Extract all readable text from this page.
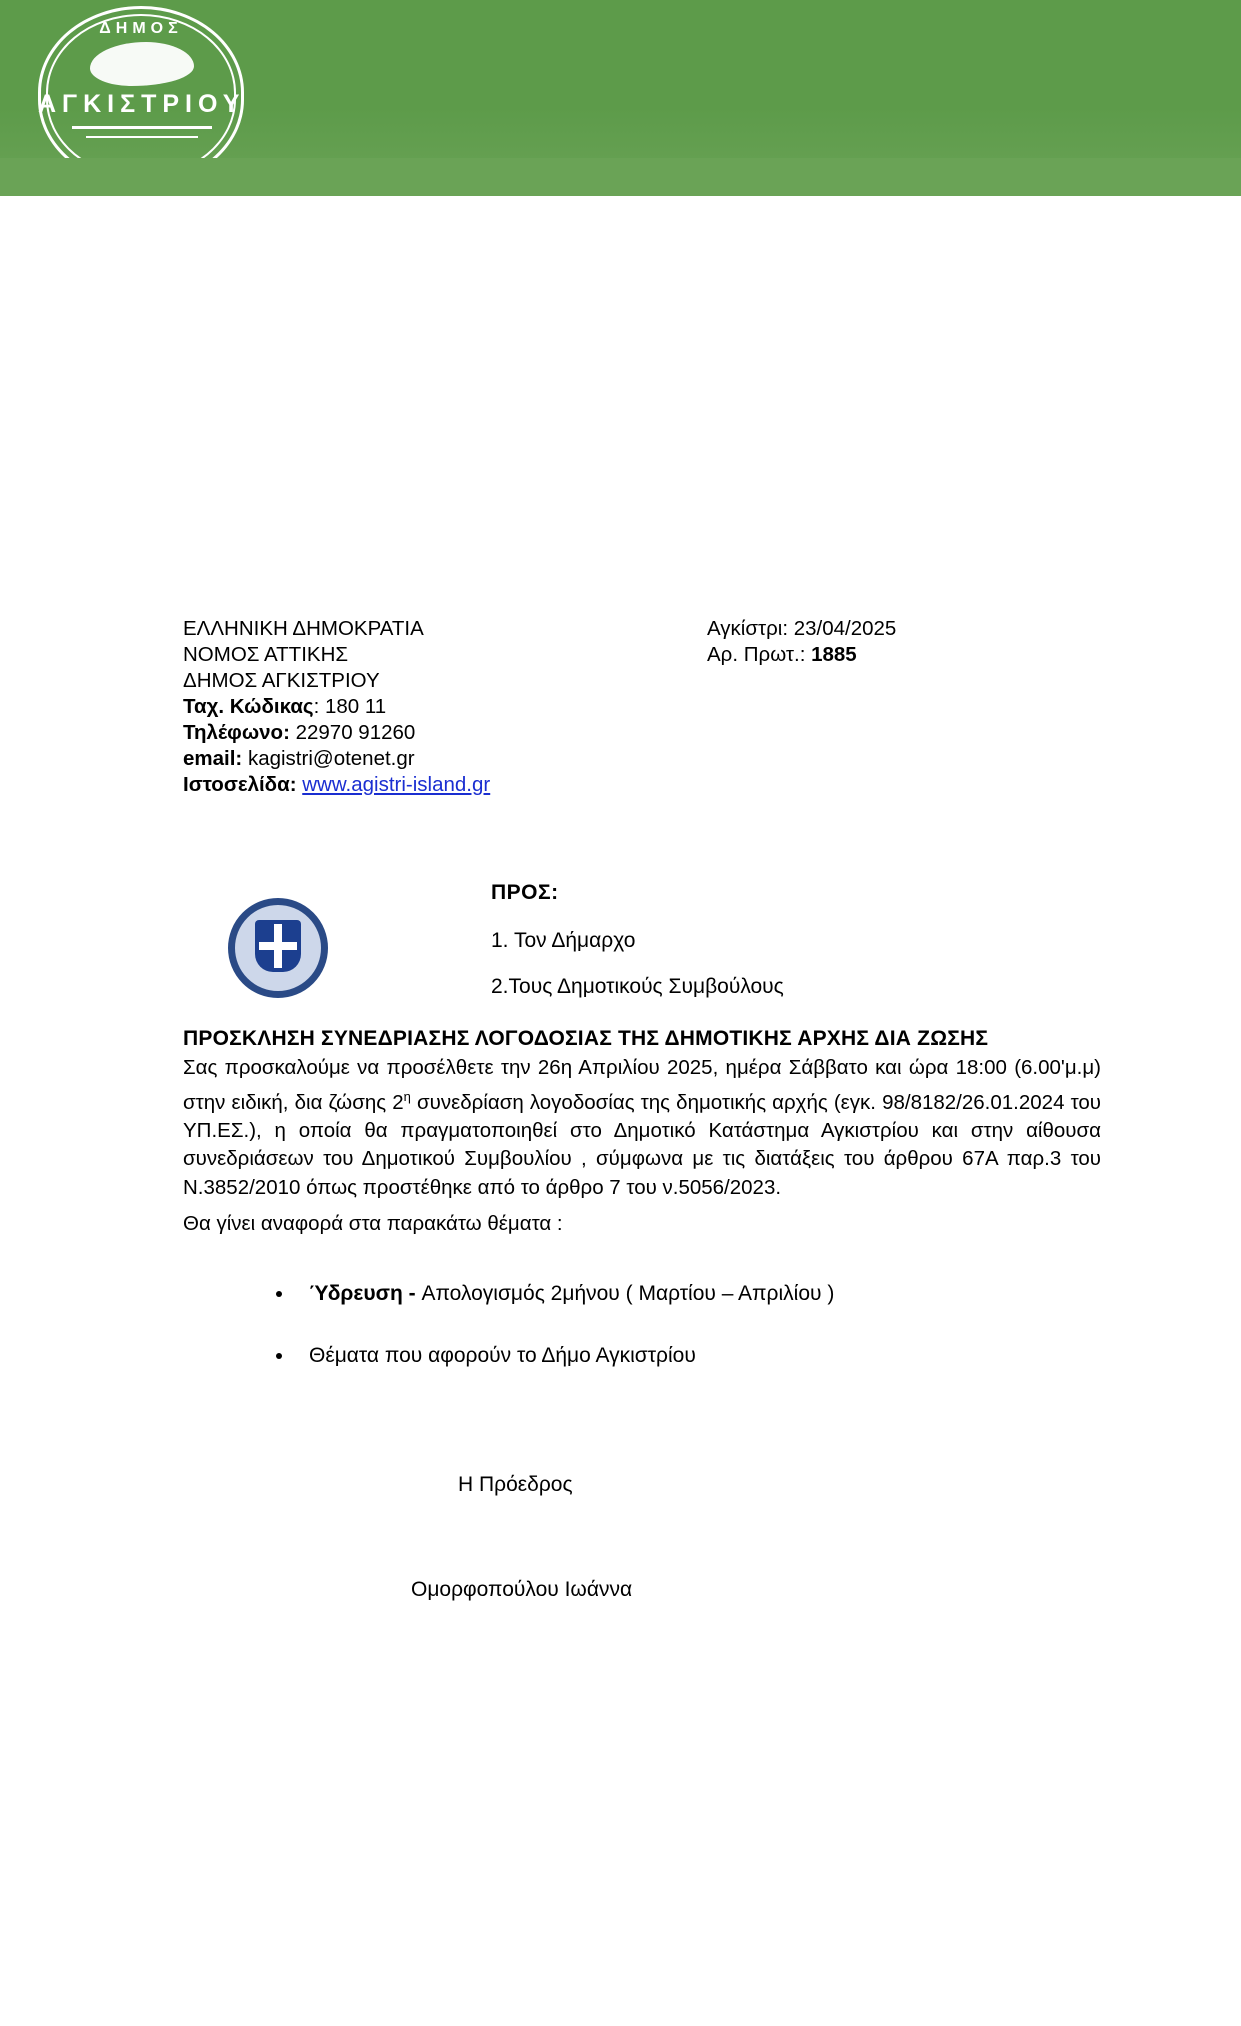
ΔΗΜΟΣ
ΑΓΚΙΣΤΡΙΟΥ
ΕΛΛΗΝΙΚΗ ΔΗΜΟΚΡΑΤΙΑ
ΝΟΜΟΣ ΑΤΤΙΚΗΣ
ΔΗΜΟΣ ΑΓΚΙΣΤΡΙΟΥ
Ταχ. Κώδικας: 180 11
Τηλέφωνο: 22970 91260
email: kagistri@otenet.gr
Ιστοσελίδα: www.agistri-island.gr
Αγκίστρι: 23/04/2025
Αρ. Πρωτ.: 1885
ΠΡΟΣ:
1. Τον Δήμαρχο
2.Τους Δημοτικούς Συμβούλους
ΠΡΟΣΚΛΗΣΗ ΣΥΝΕΔΡΙΑΣΗΣ ΛΟΓΟΔΟΣΙΑΣ ΤΗΣ ΔΗΜΟΤΙΚΗΣ ΑΡΧΗΣ ΔΙΑ ΖΩΣΗΣ
Σας προσκαλούμε να προσέλθετε την 26η Απριλίου 2025, ημέρα Σάββατο και ώρα 18:00 (6.00'μ.μ) στην ειδική, δια ζώσης $2^\eta$ συνεδρίαση λογοδοσίας της δημοτικής αρχής (εγκ. 98/8182/26.01.2024 του ΥΠ.ΕΣ.), η οποία θα πραγματοποιηθεί στο Δημοτικό Κατάστημα Αγκιστρίου και στην αίθουσα συνεδριάσεων του Δημοτικού Συμβουλίου , σύμφωνα με τις διατάξεις του άρθρου 67Α παρ.3 του Ν.3852/2010 όπως προστέθηκε από το άρθρο 7 του ν.5056/2023.
Θα γίνει αναφορά στα παρακάτω θέματα :
• Ύδρευση - Απολογισμός 2μήνου ( Μαρτίου – Απριλίου )
• Θέματα που αφορούν το Δήμο Αγκιστρίου
Η Πρόεδρος
Ομορφοπούλου Ιωάννα
